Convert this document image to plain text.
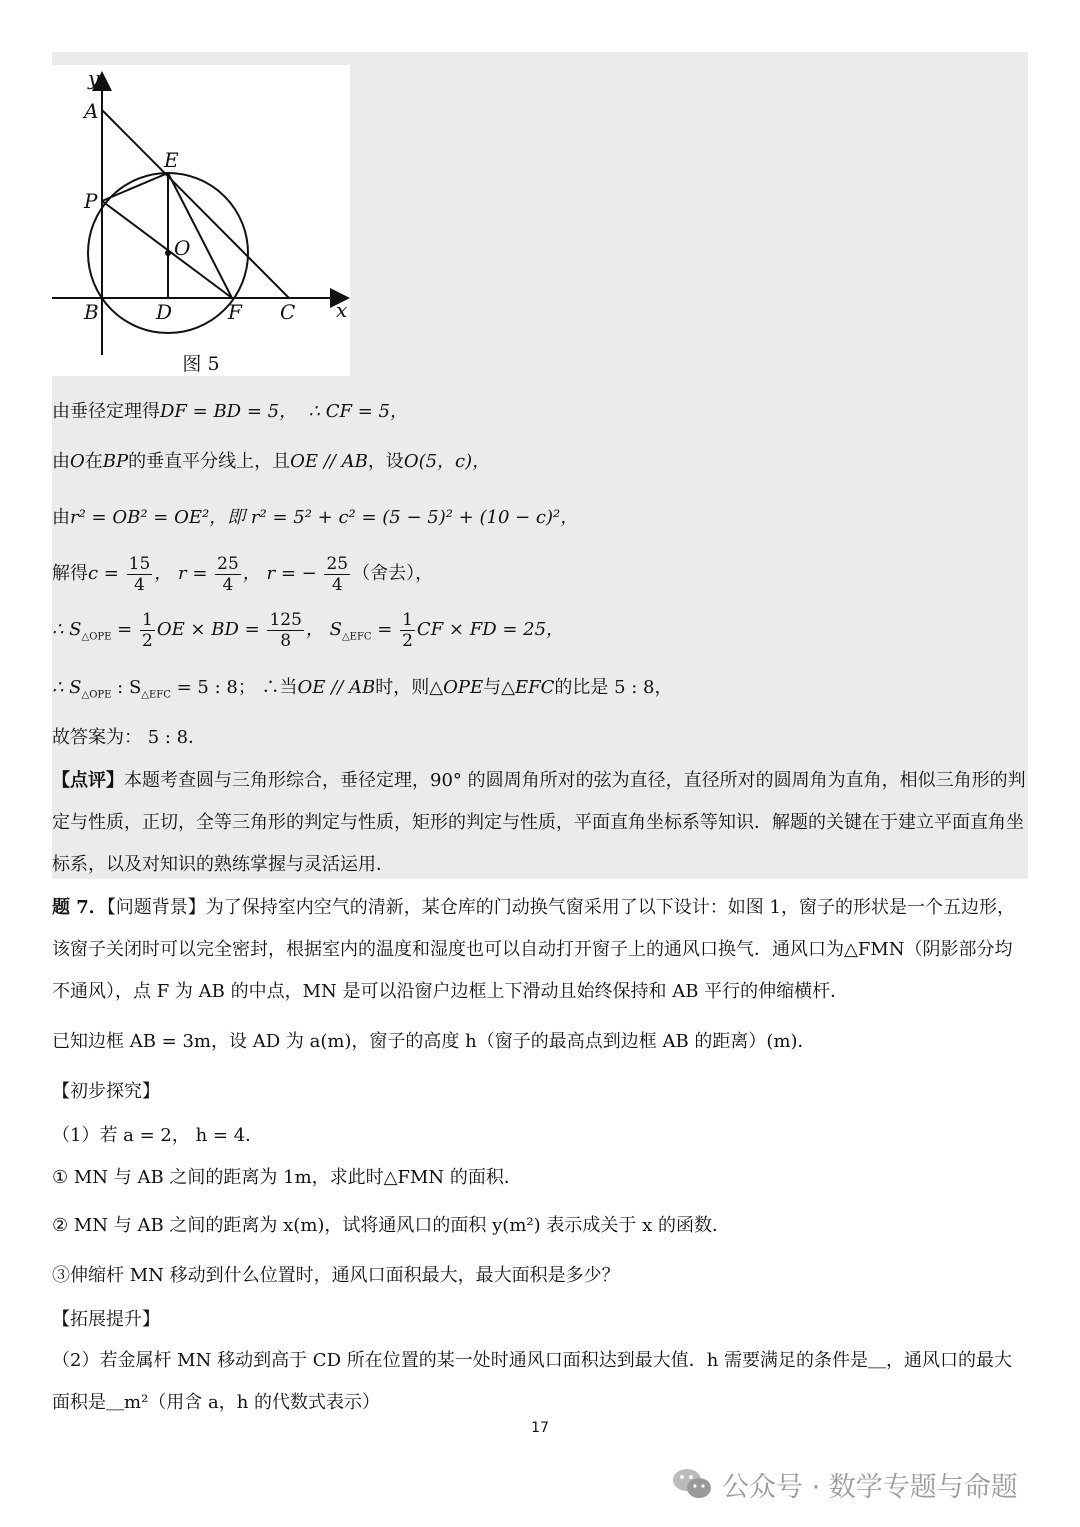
y
A
E
P
O
B	D	F C x
图 5
由垂径定理得DF = BD = 5， ∴ CF = 5，
由O在BP的垂直平分线上，且OE // AB，设O(5，c)，
由r² = OB² = OE²，即 r² = 5² + c² = (5 − 5)² + (10 − c)²，
解得$c = \frac{15}{4}$ ， $r = \frac{25}{4}$ ， r = − $\frac{25}{4}$ （舍去），
∴ $S_{\triangle OPE} = \frac{1}{2}$ OE × BD = $\frac{125}{8}$ ， $S_{\triangle EFC} = \frac{1}{2}$ CF × FD = 25，
∴ $S_{\triangle OPE}$ : $S_{\triangle EFC} = 5$ : 8； ∴当OE // AB时，则△OPE与△EFC的比是 5 : 8，
故答案为： 5 : 8．
【点评】本题考查圆与三角形综合，垂径定理，90° 的圆周角所对的弦为直径，直径所对的圆周角为直角，相似三角形的判定与性质，正切，全等三角形的判定与性质，矩形的判定与性质，平面直角坐标系等知识．解题的关键在于建立平面直角坐标系，以及对知识的熟练掌握与灵活运用．
题 7．【问题背景】为了保持室内空气的清新，某仓库的门动换气窗采用了以下设计：如图 1，窗子的形状是一个五边形，该窗子关闭时可以完全密封，根据室内的温度和湿度也可以自动打开窗子上的通风口换气．通风口为△FMN（阴影部分均不通风），点 F 为 AB 的中点，MN 是可以沿窗户边框上下滑动且始终保持和 AB 平行的伸缩横杆．
已知边框 AB = 3m，设 AD 为 a(m)，窗子的高度 h（窗子的最高点到边框 AB 的距离）(m)．
【初步探究】
（1）若 a = 2， h = 4．
① MN 与 AB 之间的距离为 1m，求此时△FMN 的面积．
② MN 与 AB 之间的距离为 x(m)，试将通风口的面积 y(m²) 表示成关于 x 的函数．
③伸缩杆 MN 移动到什么位置时，通风口面积最大，最大面积是多少？
【拓展提升】
（2）若金属杆 MN 移动到高于 CD 所在位置的某一处时通风口面积达到最大值．h 需要满足的条件是＿，通风口的最大面积是＿m²（用含 a，h 的代数式表示）
17
公众号 · 数学专题与命题
